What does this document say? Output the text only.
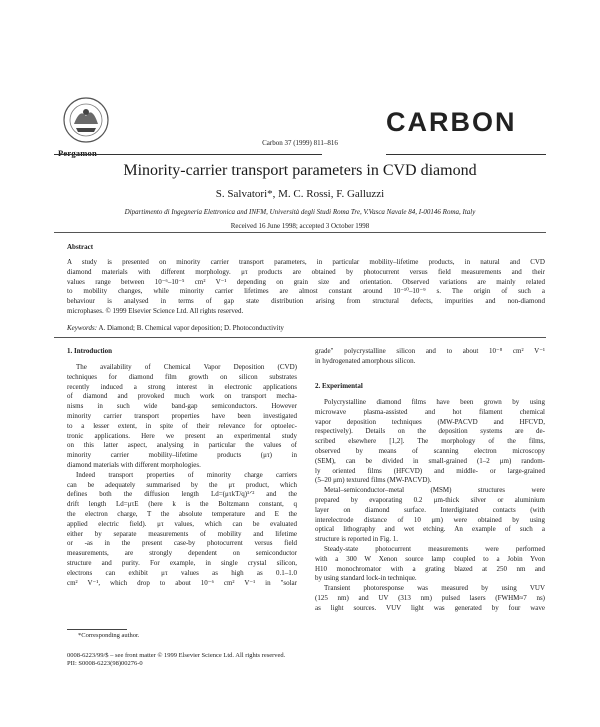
Pergamon
Carbon 37 (1999) 811–816
CARBON
Minority-carrier transport parameters in CVD diamond
S. Salvatori*, M. C. Rossi, F. Galluzzi
Dipartimento di Ingegneria Elettronica and INFM, Università degli Studi Roma Tre, V.Vasca Navale 84, I-00146 Roma, Italy
Received 16 June 1998; accepted 3 October 1998
Abstract
A study is presented on minority carrier transport parameters, in particular mobility–lifetime products, in natural and CVD
diamond materials with different morphology. μτ products are obtained by photocurrent versus field measurements and their
values range between 10⁻⁶–10⁻⁵ cm² V⁻¹ depending on grain size and orientation. Observed variations are mainly related
to mobility changes, while minority carrier lifetimes are almost constant around 10⁻¹⁰–10⁻⁹ s. The origin of such a
behaviour is analysed in terms of gap state distribution arising from structural defects, impurities and non-diamond
microphases. © 1999 Elsevier Science Ltd. All rights reserved.
Keywords: A. Diamond; B. Chemical vapor deposition; D. Photoconductivity
1. Introduction
The availability of Chemical Vapor Deposition (CVD)
techniques for diamond film growth on silicon substrates
recently induced a strong interest in electronic applications
of diamond and provoked much work on transport mecha-
nisms in such wide band-gap semiconductors. However
minority carrier transport properties have been investigated
to a lesser extent, in spite of their relevance for optoelec-
tronic applications. Here we present an experimental study
on this latter aspect, analysing in particular the values of
minority carrier mobility–lifetime products (μτ) in
diamond materials with different morphologies.
Indeed transport properties of minority charge carriers
can be adequately summarised by the μτ product, which
defines both the diffusion length Ld=(μτkT/q)¹ᐟ² and the
drift length Ld=μτE (here k is the Boltzmann constant, q
the electron charge, T the absolute temperature and E the
applied electric field). μτ values, which can be evaluated
either by separate measurements of mobility and lifetime
or -as in the present case-by photocurrent versus field
measurements, are strongly dependent on semiconductor
structure and purity. For example, in single crystal silicon,
electrons can exhibit μτ values as high as 0.1–1.0
cm² V⁻¹, which drop to about 10⁻⁶ cm² V⁻¹ in "solar
grade" polycrystalline silicon and to about 10⁻⁸ cm² V⁻¹
in hydrogenated amorphous silicon.
2. Experimental
Polycrystalline diamond films have been grown by using
microwave plasma-assisted and hot filament chemical
vapor deposition techniques (MW-PACVD and HFCVD,
respectively). Details on the deposition systems are de-
scribed elsewhere [1,2]. The morphology of the films,
observed by means of scanning electron microscopy
(SEM), can be divided in small-grained (1–2 μm) random-
ly oriented films (HFCVD) and middle- or large-grained
(5–20 μm) textured films (MW-PACVD).
Metal–semiconductor–metal (MSM) structures were
prepared by evaporating 0.2 μm-thick silver or aluminium
layer on diamond surface. Interdigitated contacts (with
interelectrode distance of 10 μm) were obtained by using
optical lithography and wet etching. An example of such a
structure is reported in Fig. 1.
Steady-state photocurrent measurements were performed
with a 300 W Xenon source lamp coupled to a Jobin Yvon
H10 monochromator with a grating blazed at 250 nm and
by using standard lock-in technique.
Transient photoresponse was measured by using VUV
(125 nm) and UV (313 nm) pulsed lasers (FWHM≈7 ns)
as light sources. VUV light was generated by four wave
*Corresponding author.
0008-6223/99/$ – see front matter © 1999 Elsevier Science Ltd. All rights reserved.
PII: S0008-6223(98)00276-0
